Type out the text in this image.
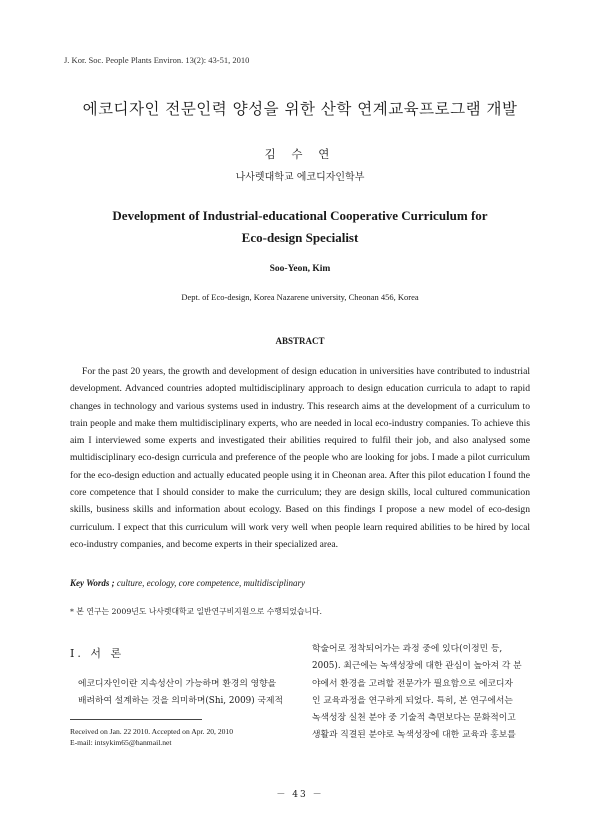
J. Kor. Soc. People Plants Environ. 13(2): 43-51, 2010
에코디자인 전문인력 양성을 위한 산학 연계교육프로그램 개발
김 수 연
나사렛대학교 에코디자인학부
Development of Industrial-educational Cooperative Curriculum for
Eco-design Specialist
Soo-Yeon, Kim
Dept. of Eco-design, Korea Nazarene university, Cheonan 456, Korea
ABSTRACT
For the past 20 years, the growth and development of design education in universities have contributed to industrial development. Advanced countries adopted multidisciplinary approach to design education curricula to adapt to rapid changes in technology and various systems used in industry. This research aims at the development of a curriculum to train people and make them multidisciplinary experts, who are needed in local eco-industry companies. To achieve this aim I interviewed some experts and investigated their abilities required to fulfil their job, and also analysed some multidisciplinary eco-design curricula and preference of the people who are looking for jobs. I made a pilot curriculum for the eco-design eduction and actually educated people using it in Cheonan area. After this pilot education I found the core competence that I should consider to make the curriculum; they are design skills, local cultured communication skills, business skills and information about ecology. Based on this findings I propose a new model of eco-design curriculum. I expect that this curriculum will work very well when people learn required abilities to be hired by local eco-industry companies, and become experts in their specialized area.
Key Words ; culture, ecology, core competence, multidisciplinary
* 본 연구는 2009년도 나사렛대학교 일반연구비지원으로 수행되었습니다.
Ⅰ. 서 론
에코디자인이란 지속성산이 가능하며 환경의 영향을
배려하여 설계하는 것을 의미하며(Shi, 2009) 국제적
학술어로 정착되어가는 과정 중에 있다(이정민 등,
2005). 최근에는 녹색성장에 대한 관심이 높아져 각 분
야에서 환경을 고려할 전문가가 필요함으로 에코디자
인 교육과정을 연구하게 되었다. 특히, 본 연구에서는
녹색성장 실천 분야 중 기술적 측면보다는 문화적이고
생활과 직결된 분야로 녹색성장에 대한 교육과 홍보를
Received on Jan. 22 2010. Accepted on Apr. 20, 2010
E-mail: intsykim65@hanmail.net
－ 43 －
